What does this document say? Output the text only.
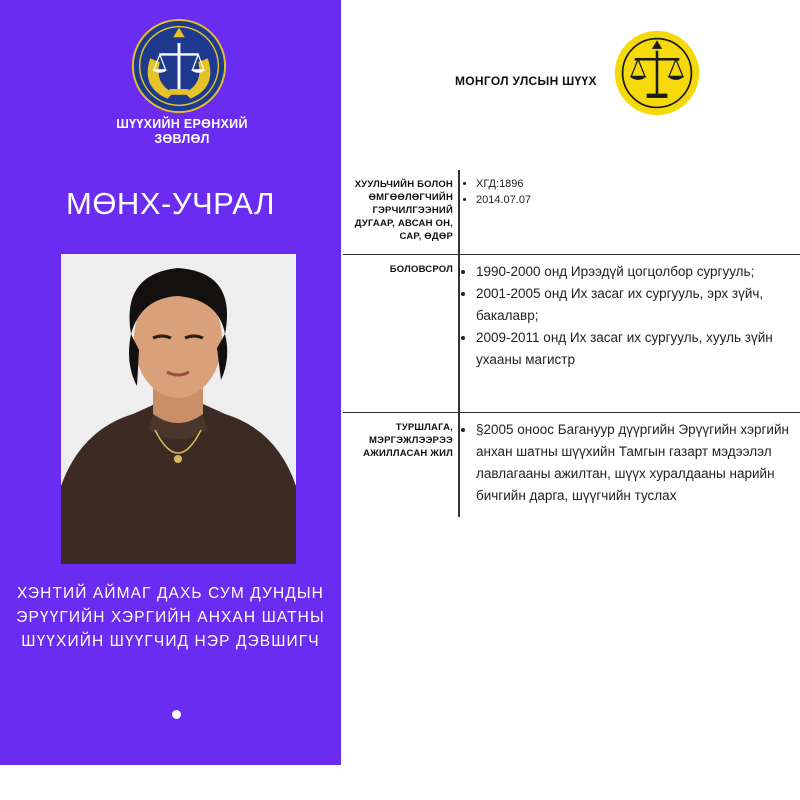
ШҮҮХИЙН ЕРӨНХИЙ
ЗӨВЛӨЛ
МӨНХ-УЧРАЛ
ХЭНТИЙ АЙМАГ ДАХЬ СУМ ДУНДЫН
ЭРҮҮГИЙН ХЭРГИЙН АНХАН ШАТНЫ
ШҮҮХИЙН ШҮҮГЧИД НЭР ДЭВШИГЧ
МОНГОЛ УЛСЫН ШҮҮХ
ХУУЛЬЧИЙН БОЛОН ӨМГӨӨЛӨГЧИЙН ГЭРЧИЛГЭЭНИЙ ДУГААР, АВСАН ОН, САР, ӨДӨР
• ХГД:1896
• 2014.07.07
БОЛОВСРОЛ
•	1990-2000 онд Ирээдүй цогцолбор сургууль;
• 2001-2005 онд Их засаг их сургууль, эрх зүйч, бакалавр;
• 2009-2011 онд Их засаг их сургууль, хууль зүйн ухааны магистр
ТУРШЛАГА, МЭРГЭЖЛЭЭРЭЭ АЖИЛЛАСАН ЖИЛ
• §2005 оноос Багануур дүүргийн Эрүүгийн хэргийн анхан шатны шүүхийн Тамгын газарт мэдээлэл лавлагааны ажилтан, шүүх хуралдааны нарийн бичгийн дарга, шүүгчийн туслах
